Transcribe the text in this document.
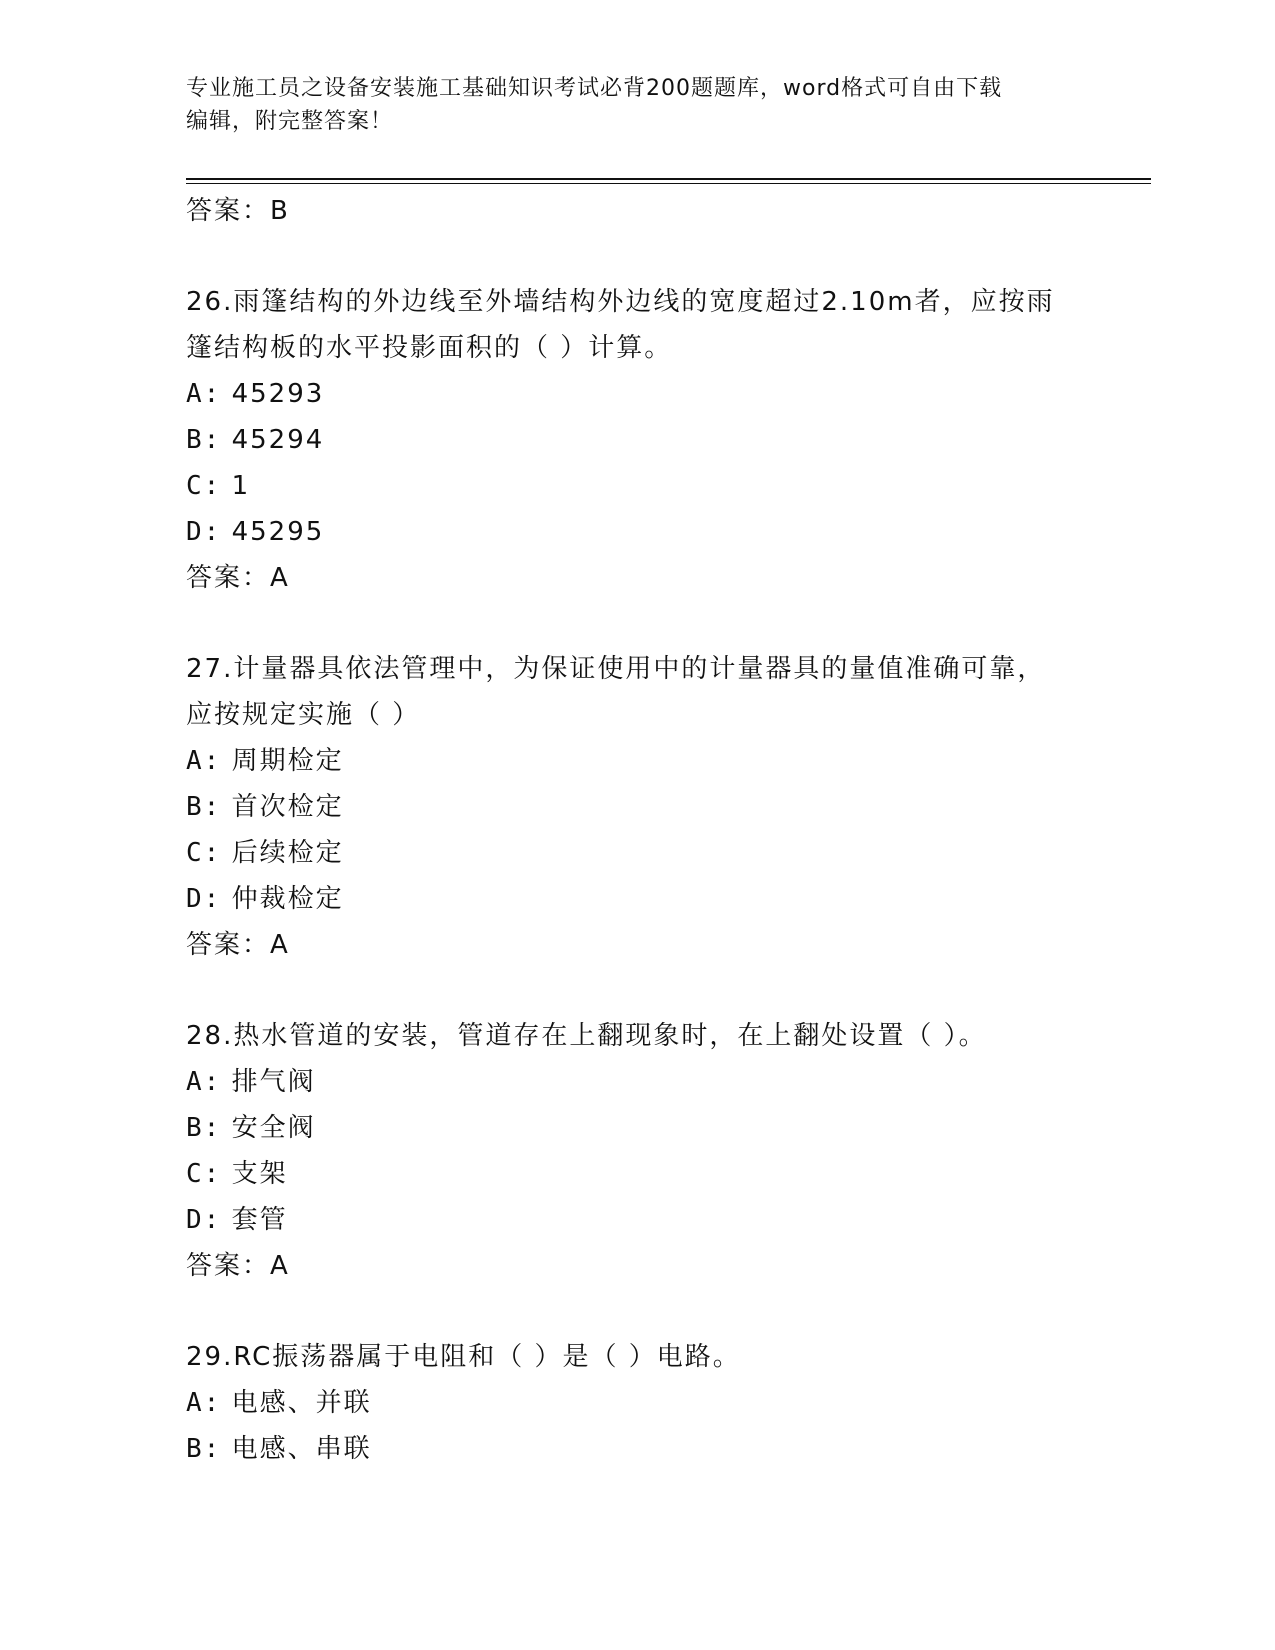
专业施工员之设备安装施工基础知识考试必背200题题库，word格式可自由下载
编辑，附完整答案！
答案：B
26.雨篷结构的外边线至外墙结构外边线的宽度超过2.10m者，应按雨
篷结构板的水平投影面积的（ ）计算。
A: 45293
B: 45294
C: 1
D: 45295
答案：A
27.计量器具依法管理中，为保证使用中的计量器具的量值准确可靠，
应按规定实施（ ）
A: 周期检定
B: 首次检定
C: 后续检定
D: 仲裁检定
答案：A
28.热水管道的安装，管道存在上翻现象时，在上翻处设置（ ）。
A: 排气阀
B: 安全阀
C: 支架
D: 套管
答案：A
29.RC振荡器属于电阻和（ ）是（ ）电路。
A: 电感、并联
B: 电感、串联
